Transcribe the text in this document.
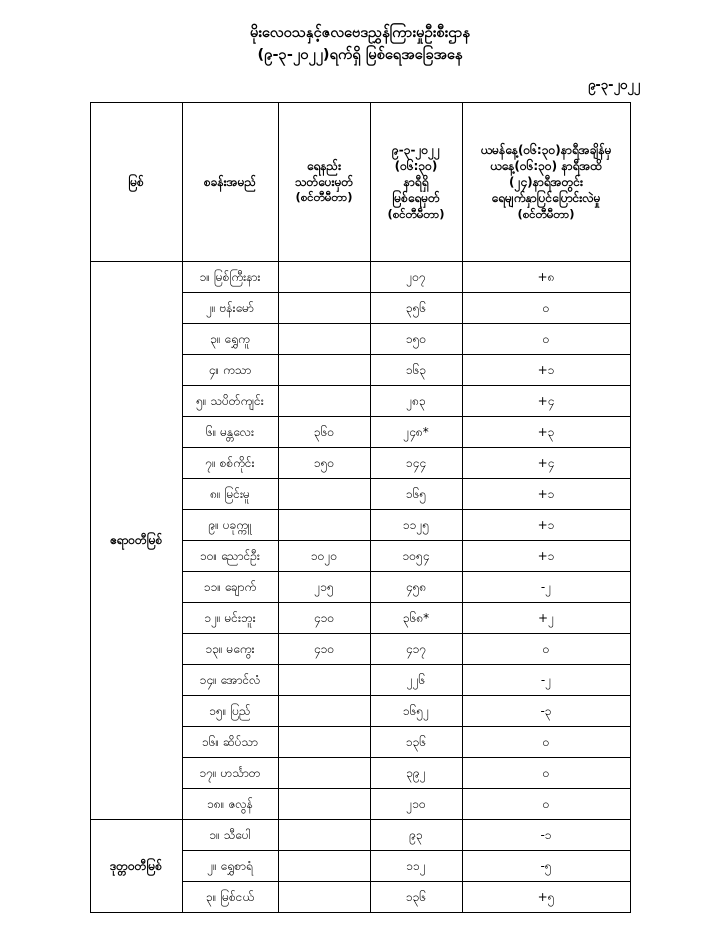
မိုးလေဝသနှင့်ဇလဗေဒညွှန်ကြားမှုဦးစီးဌာန
(၉-၃-၂၀၂၂)ရက်ရှိ မြစ်ရေအခြေအနေ
၉-၃-၂၀၂၂
မြစ်	စခန်းအမည်	ရေနည်း
သတ်ပေးမှတ်
(စင်တီမီတာ)	၉-၃-၂၀၂၂
(၀၆:၃၀)
နာရီရှိ
မြစ်ရေမှတ်
(စင်တီမီတာ)	ယမန်နေ့(၀၆:၃၀)နာရီအချိန်မှ
ယနေ့(၀၆:၃၀) နာရီအထိ
(၂၄)နာရီအတွင်း
ရေမျက်နှာပြင်ပြောင်းလဲမှု
(စင်တီမီတာ)

ဧရာဝတီမြစ်	၁။ မြစ်ကြီးနား		၂၀၇	+၈
	၂။ ဗန်းမော်		၃၅၆	၀
	၃။ ရွှေကူ		၁၅၀	၀
	၄။ ကသာ		၁၆၃	+၁
	၅။ သပိတ်ကျင်း		၂၈၃	+၄
	၆။ မန္တလေး	၃၆၀	၂၄၈*	+၃
	၇။ စစ်ကိုင်း	၁၅၀	၁၄၄	+၄
	၈။ မြင်းမူ		၁၆၅	+၁
	၉။ ပခုက္ကူ		၁၁၂၅	+၁
	၁၀။ ညောင်ဦး	၁၀၂၀	၁၀၅၄	+၁
	၁၁။ ချောက်	၂၁၅	၄၅၈	-၂
	၁၂။ မင်းဘူး	၄၁၀	၃၆၈*	+၂
	၁၃။ မကွေး	၄၁၀	၄၁၇	၀
	၁၄။ အောင်လံ		၂၂၆	-၂
	၁၅။ ပြည်		၁၆၅၂	-၃
	၁၆။ ဆိပ်သာ		၁၃၆	၀
	၁၇။ ဟင်္သာတ		၃၉၂	၀
	၁၈။ ဇလွန်		၂၁၀	၀
ဒုတ္တဝတီမြစ်	၁။ သီပေါ		၉၃	-၁
	၂။ ရွှေစာရံ		၁၁၂	-၅
	၃။ မြစ်ငယ်		၁၃၆	+၅
